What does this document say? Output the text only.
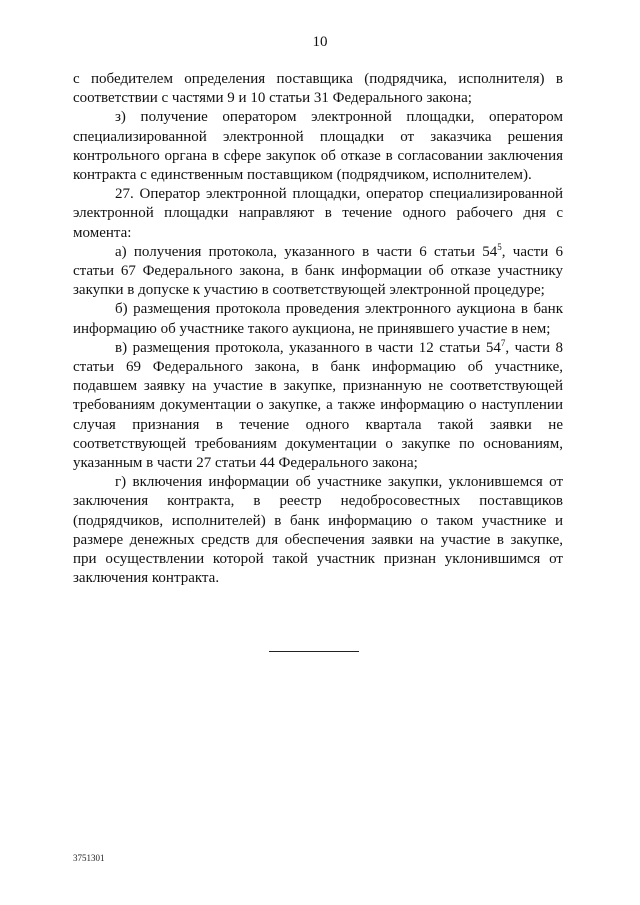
10

с победителем определения поставщика (подрядчика, исполнителя) в соответствии с частями 9 и 10 статьи 31 Федерального закона;

з) получение оператором электронной площадки, оператором специализированной электронной площадки от заказчика решения контрольного органа в сфере закупок об отказе в согласовании заключения контракта с единственным поставщиком (подрядчиком, исполнителем).

27. Оператор электронной площадки, оператор специализированной электронной площадки направляют в течение одного рабочего дня с момента:

а) получения протокола, указанного в части 6 статьи $54^5$, части 6 статьи 67 Федерального закона, в банк информации об отказе участнику закупки в допуске к участию в соответствующей электронной процедуре;

б) размещения протокола проведения электронного аукциона в банк информацию об участнике такого аукциона, не принявшего участие в нем;

в) размещения протокола, указанного в части 12 статьи $54^7$, части 8 статьи 69 Федерального закона, в банк информацию об участнике, подавшем заявку на участие в закупке, признанную не соответствующей требованиям документации о закупке, а также информацию о наступлении случая признания в течение одного квартала такой заявки не соответствующей требованиям документации о закупке по основаниям, указанным в части 27 статьи 44 Федерального закона;

г) включения информации об участнике закупки, уклонившемся от заключения контракта, в реестр недобросовестных поставщиков (подрядчиков, исполнителей) в банк информацию о таком участнике и размере денежных средств для обеспечения заявки на участие в закупке, при осуществлении которой такой участник признан уклонившимся от заключения контракта.

3751301
